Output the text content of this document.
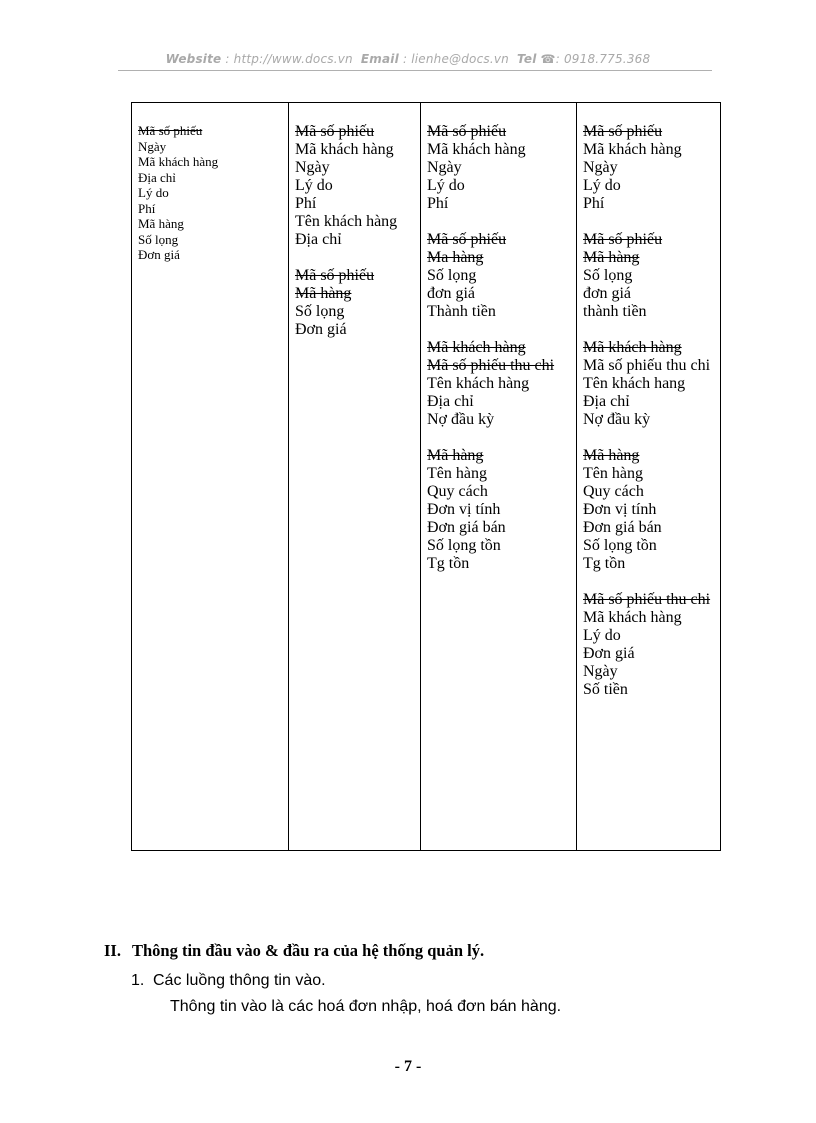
Website : http://www.docs.vn Email : lienhe@docs.vn Tel ☎: 0918.775.368
Mã số phiếu
Ngày
Mã khách hàng
Địa chỉ
Lý do
Phí
Mã hàng
Số lọng
Đơn giá
Mã số phiếu
Mã khách hàng
Ngày
Lý do
Phí
Tên khách hàng
Địa chỉ
Mã số phiếu
Mã hàng
Số lọng
Đơn giá
Mã số phiếu
Mã khách hàng
Ngày
Lý do
Phí
Mã số phiếu
Ma hàng
Số lọng
đơn giá
Thành tiền
Mã khách hàng
Mã số phiếu thu chi
Tên khách hàng
Địa chỉ
Nợ đầu kỳ
Mã hàng
Tên hàng
Quy cách
Đơn vị tính
Đơn giá bán
Số lọng tồn
Tg tồn
Mã số phiếu
Mã khách hàng
Ngày
Lý do
Phí
Mã số phiếu
Mã hàng
Số lọng
đơn giá
thành tiền
Mã khách hàng
Mã số phiếu thu chi
Tên khách hang
Địa chỉ
Nợ đầu kỳ
Mã hàng
Tên hàng
Quy cách
Đơn vị tính
Đơn giá bán
Số lọng tồn
Tg tồn
Mã số phiếu thu chi
Mã khách hàng
Lý do
Đơn giá
Ngày
Số tiền
II. Thông tin đầu vào & đầu ra của hệ thống quản lý.
1. Các luồng thông tin vào.
Thông tin vào là các hoá đơn nhập, hoá đơn bán hàng.
- 7 -
